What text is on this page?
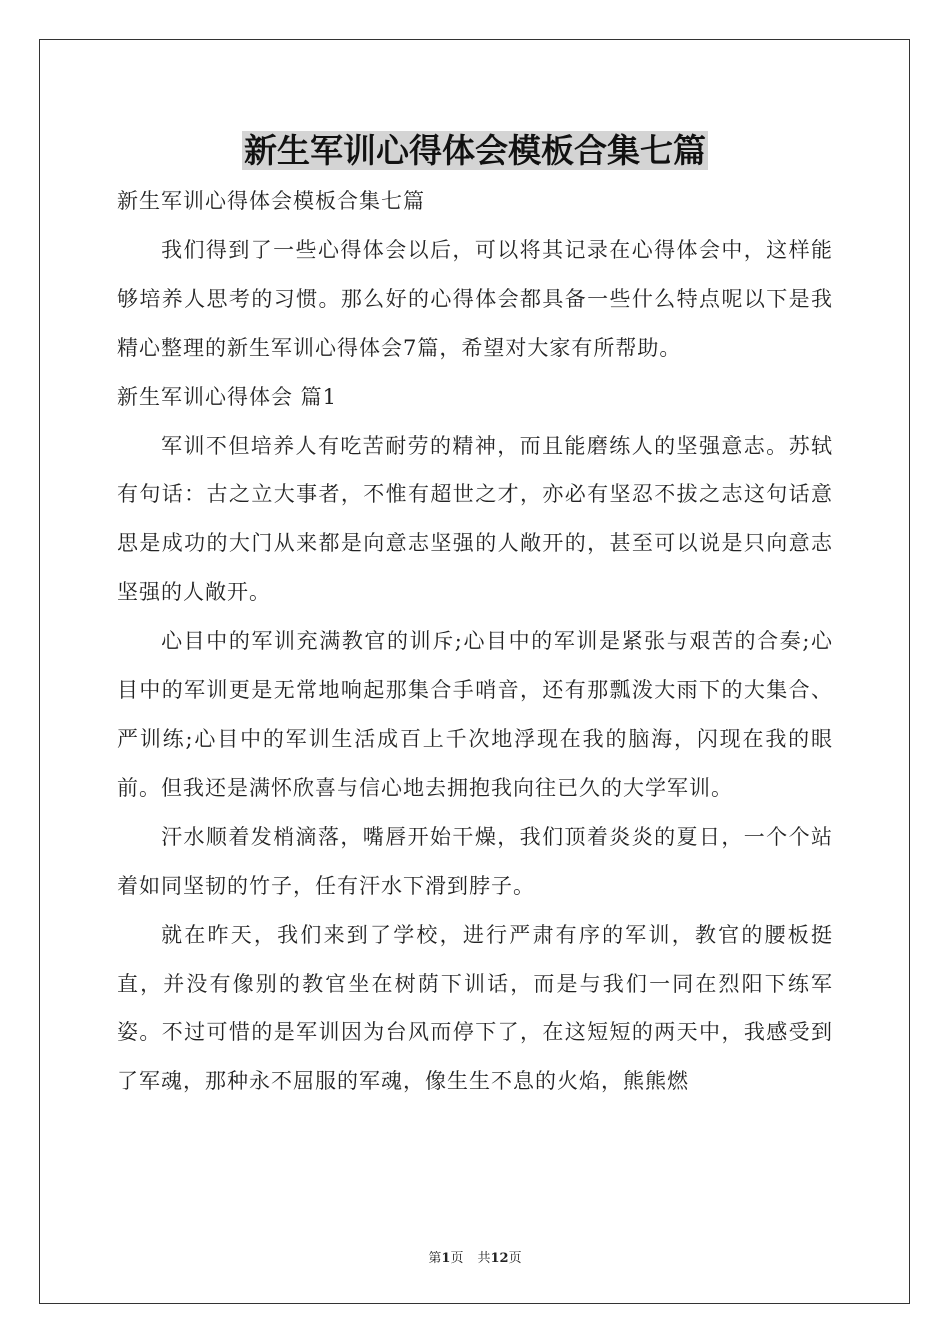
新生军训心得体会模板合集七篇

新生军训心得体会模板合集七篇

我们得到了一些心得体会以后，可以将其记录在心得体会中，这样能够培养人思考的习惯。那么好的心得体会都具备一些什么特点呢以下是我精心整理的新生军训心得体会7篇，希望对大家有所帮助。

新生军训心得体会 篇1

军训不但培养人有吃苦耐劳的精神，而且能磨练人的坚强意志。苏轼有句话：古之立大事者，不惟有超世之才，亦必有坚忍不拔之志这句话意思是成功的大门从来都是向意志坚强的人敞开的，甚至可以说是只向意志坚强的人敞开。

心目中的军训充满教官的训斥;心目中的军训是紧张与艰苦的合奏;心目中的军训更是无常地响起那集合手哨音，还有那瓢泼大雨下的大集合、严训练;心目中的军训生活成百上千次地浮现在我的脑海，闪现在我的眼前。但我还是满怀欣喜与信心地去拥抱我向往已久的大学军训。

汗水顺着发梢滴落，嘴唇开始干燥，我们顶着炎炎的夏日，一个个站着如同坚韧的竹子，任有汗水下滑到脖子。

就在昨天，我们来到了学校，进行严肃有序的军训，教官的腰板挺直，并没有像别的教官坐在树荫下训话，而是与我们一同在烈阳下练军姿。不过可惜的是军训因为台风而停下了，在这短短的两天中，我感受到了军魂，那种永不屈服的军魂，像生生不息的火焰，熊熊燃

第1页 共12页
